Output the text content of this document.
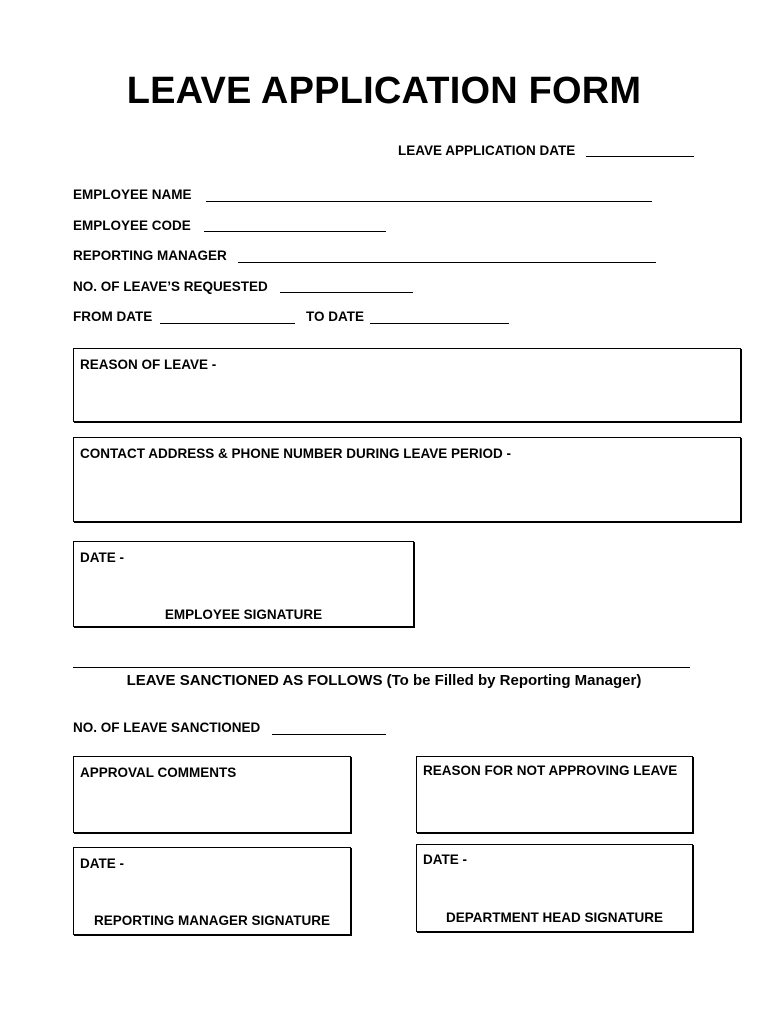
LEAVE APPLICATION FORM
LEAVE APPLICATION DATE
EMPLOYEE NAME
EMPLOYEE CODE
REPORTING MANAGER
NO. OF LEAVE’S REQUESTED
FROM DATE	TO DATE
REASON OF LEAVE -
CONTACT ADDRESS & PHONE NUMBER DURING LEAVE PERIOD -
DATE -
EMPLOYEE SIGNATURE
LEAVE SANCTIONED AS FOLLOWS (To be Filled by Reporting Manager)
NO. OF LEAVE SANCTIONED
APPROVAL COMMENTS	REASON FOR NOT APPROVING LEAVE
DATE -
REPORTING MANAGER SIGNATURE
DATE -
DEPARTMENT HEAD SIGNATURE
